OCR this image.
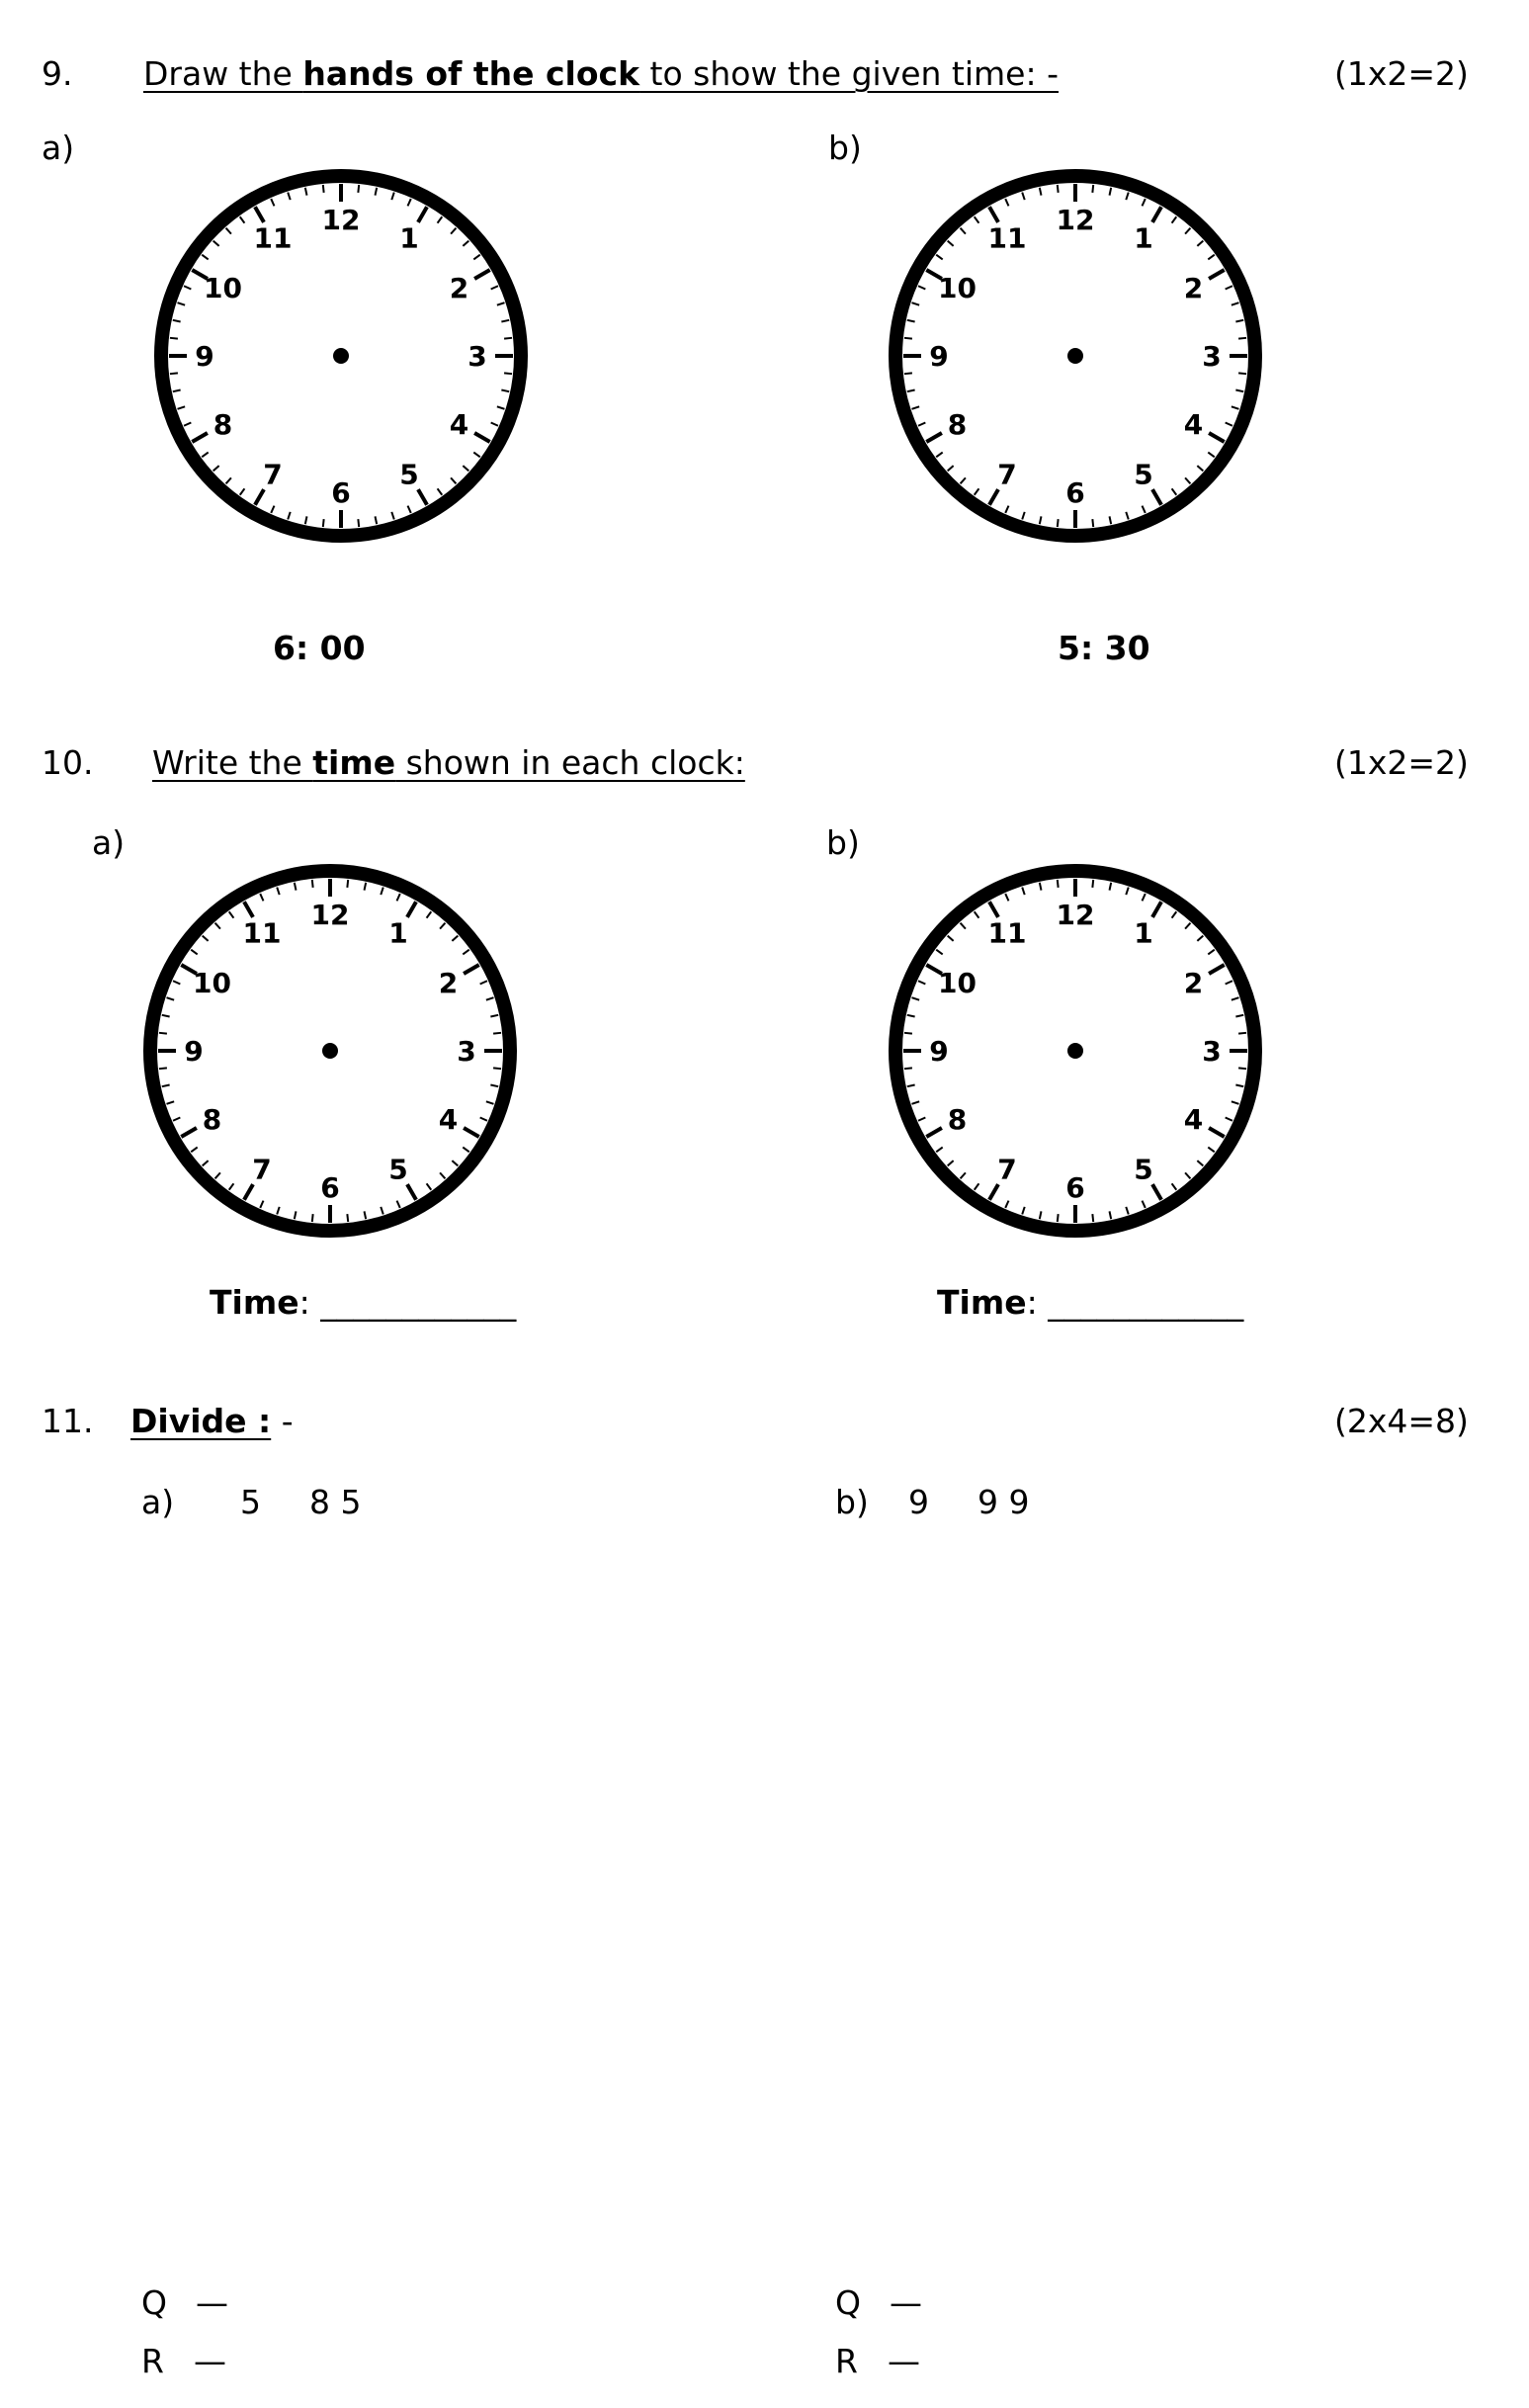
9. Draw the hands of the clock to show the given time: -	(1x2=2)
a)	b)
12
1
2
3
4
5
6
7
8
9
10
11
12
1
2
3
4
5
6
7
8
9
10
11
6: 00	5: 30
10. Write the time shown in each clock:	(1x2=2)
a)	b)
12
1
2
3
4
5
6
7
8
9
10
11
12
1
2
3
4
5
6
7
8
9
10
11
Time: ____________	Time: ____________
11. Divide : -	(2x4=8)
a) 5 8 5	b) 9 9 9
Q —
R —
Q —
R —
